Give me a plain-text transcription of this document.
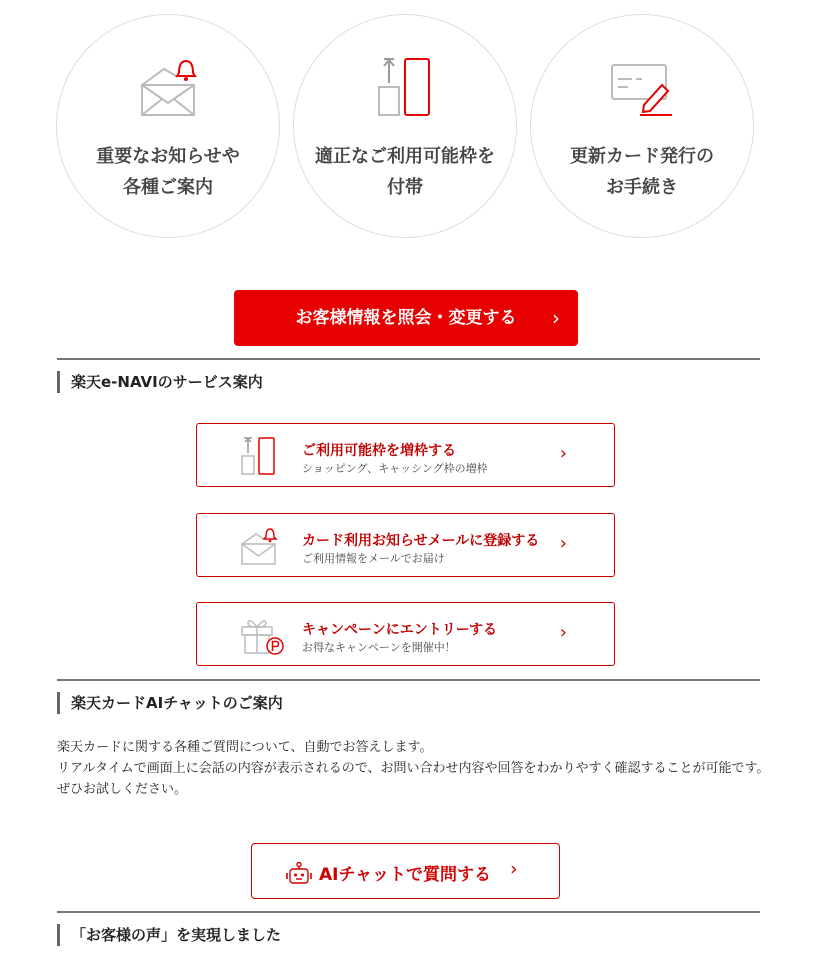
重要なお知らせや
各種ご案内
適正なご利用可能枠を
付帯
更新カード発行の
お手続き
お客様情報を照会・変更する ›
楽天e-NAVIのサービス案内
ご利用可能枠を増枠する
ショッピング、キャッシング枠の増枠
›
カード利用お知らせメールに登録する
ご利用情報をメールでお届け
›
キャンペーンにエントリーする
お得なキャンペーンを開催中！
›
楽天カードAIチャットのご案内
楽天カードに関する各種ご質問について、自動でお答えします。
リアルタイムで画面上に会話の内容が表示されるので、お問い合わせ内容や回答をわかりやすく確認することが可能です。ぜひお試しください。
AIチャットで質問する ›
「お客様の声」を実現しました
